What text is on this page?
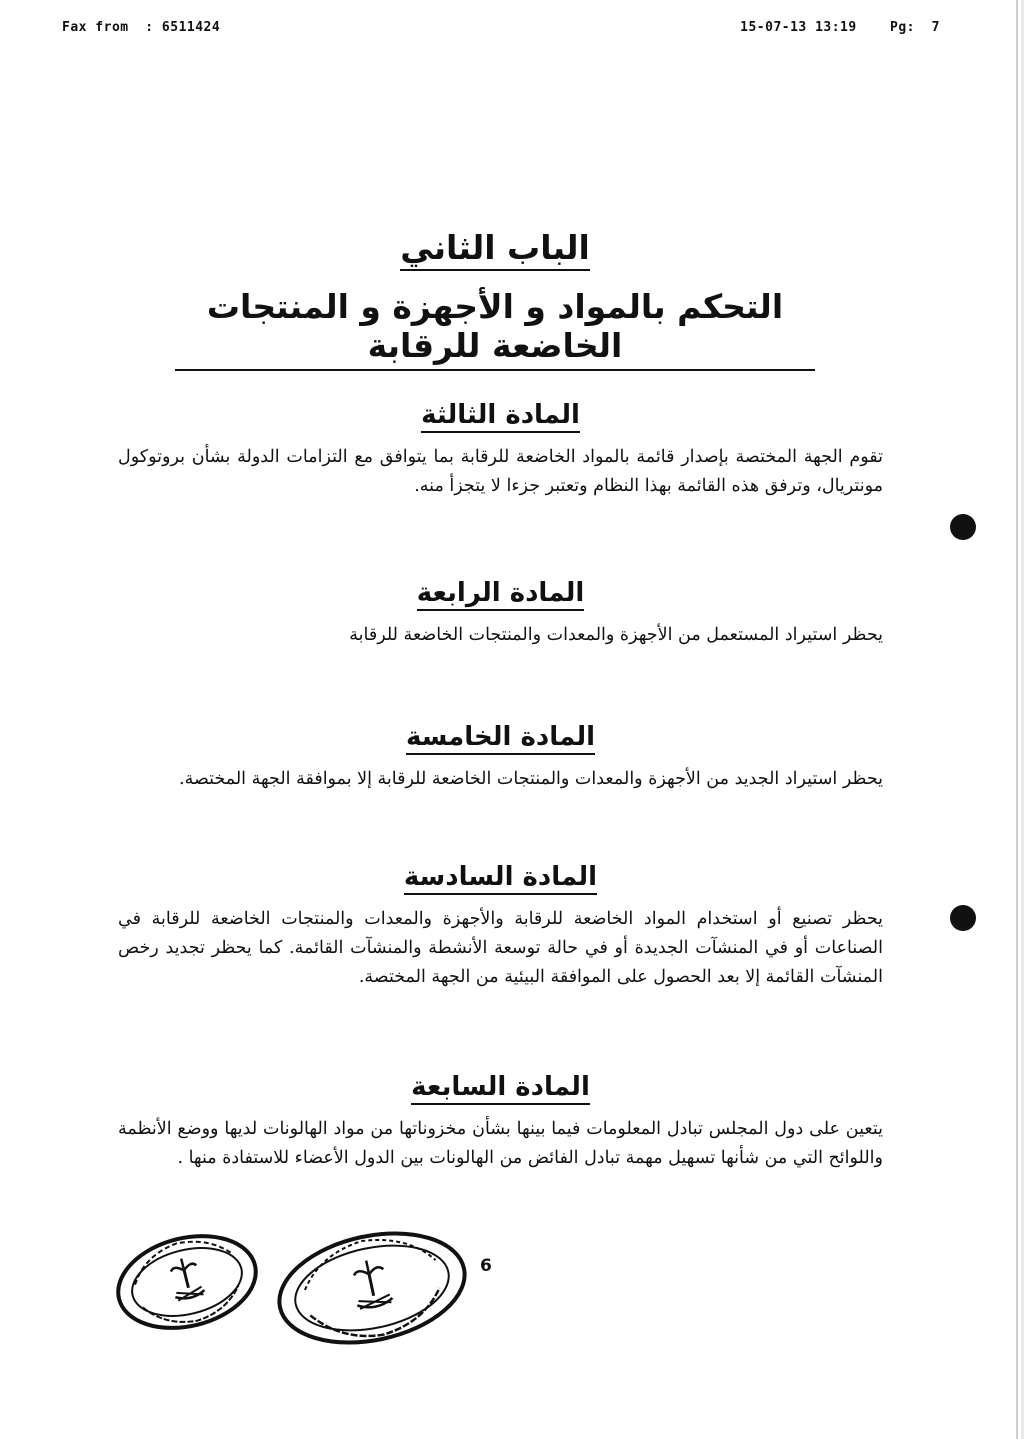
Fax from  : 6511424	15-07-13 13:19	Pg:  7
الباب الثاني
التحكم بالمواد و الأجهزة و المنتجات الخاضعة للرقابة
المادة الثالثة
تقوم الجهة المختصة بإصدار قائمة بالمواد الخاضعة للرقابة بما يتوافق مع التزامات الدولة بشأن بروتوكول مونتريال، وترفق هذه القائمة بهذا النظام وتعتبر جزءا لا يتجزأ منه.
المادة الرابعة
يحظر استيراد المستعمل من الأجهزة والمعدات والمنتجات الخاضعة للرقابة
المادة الخامسة
يحظر استيراد الجديد من الأجهزة والمعدات والمنتجات الخاضعة للرقابة إلا بموافقة الجهة المختصة.
المادة السادسة
يحظر تصنيع أو استخدام المواد الخاضعة للرقابة والأجهزة والمعدات والمنتجات الخاضعة للرقابة في الصناعات أو في المنشآت الجديدة أو في حالة توسعة الأنشطة والمنشآت القائمة. كما يحظر تجديد رخص المنشآت القائمة إلا بعد الحصول على الموافقة البيئية من الجهة المختصة.
المادة السابعة
يتعين على دول المجلس تبادل المعلومات فيما بينها بشأن مخزوناتها من مواد الهالونات لديها ووضع الأنظمة واللوائح التي من شأنها تسهيل مهمة تبادل الفائض من الهالونات بين الدول الأعضاء للاستفادة منها .
6
